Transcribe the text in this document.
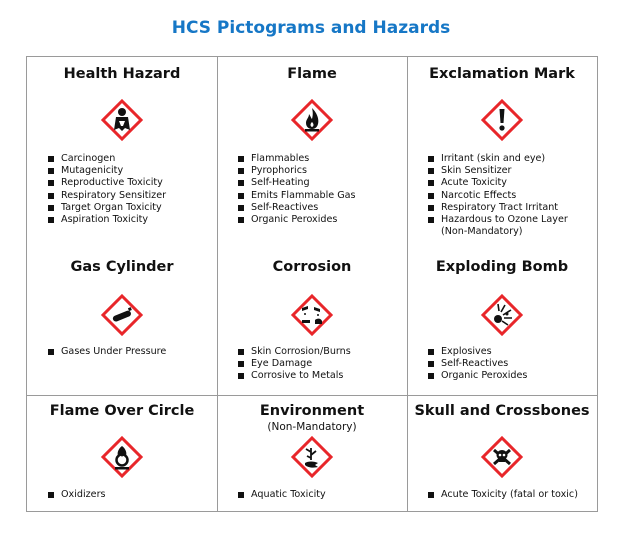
HCS Pictograms and Hazards
Health Hazard
Carcinogen
Mutagenicity
Reproductive Toxicity
Respiratory Sensitizer
Target Organ Toxicity
Aspiration Toxicity
Flame
Flammables
Pyrophorics
Self-Heating
Emits Flammable Gas
Self-Reactives
Organic Peroxides
Exclamation Mark
Irritant (skin and eye)
Skin Sensitizer
Acute Toxicity
Narcotic Effects
Respiratory Tract Irritant
Hazardous to Ozone Layer
(Non-Mandatory)
Gas Cylinder
Gases Under Pressure
Corrosion
Skin Corrosion/Burns
Eye Damage
Corrosive to Metals
Exploding Bomb
Explosives
Self-Reactives
Organic Peroxides
Flame Over Circle
Oxidizers
Environment
(Non-Mandatory)
Aquatic Toxicity
Skull and Crossbones
Acute Toxicity (fatal or toxic)
